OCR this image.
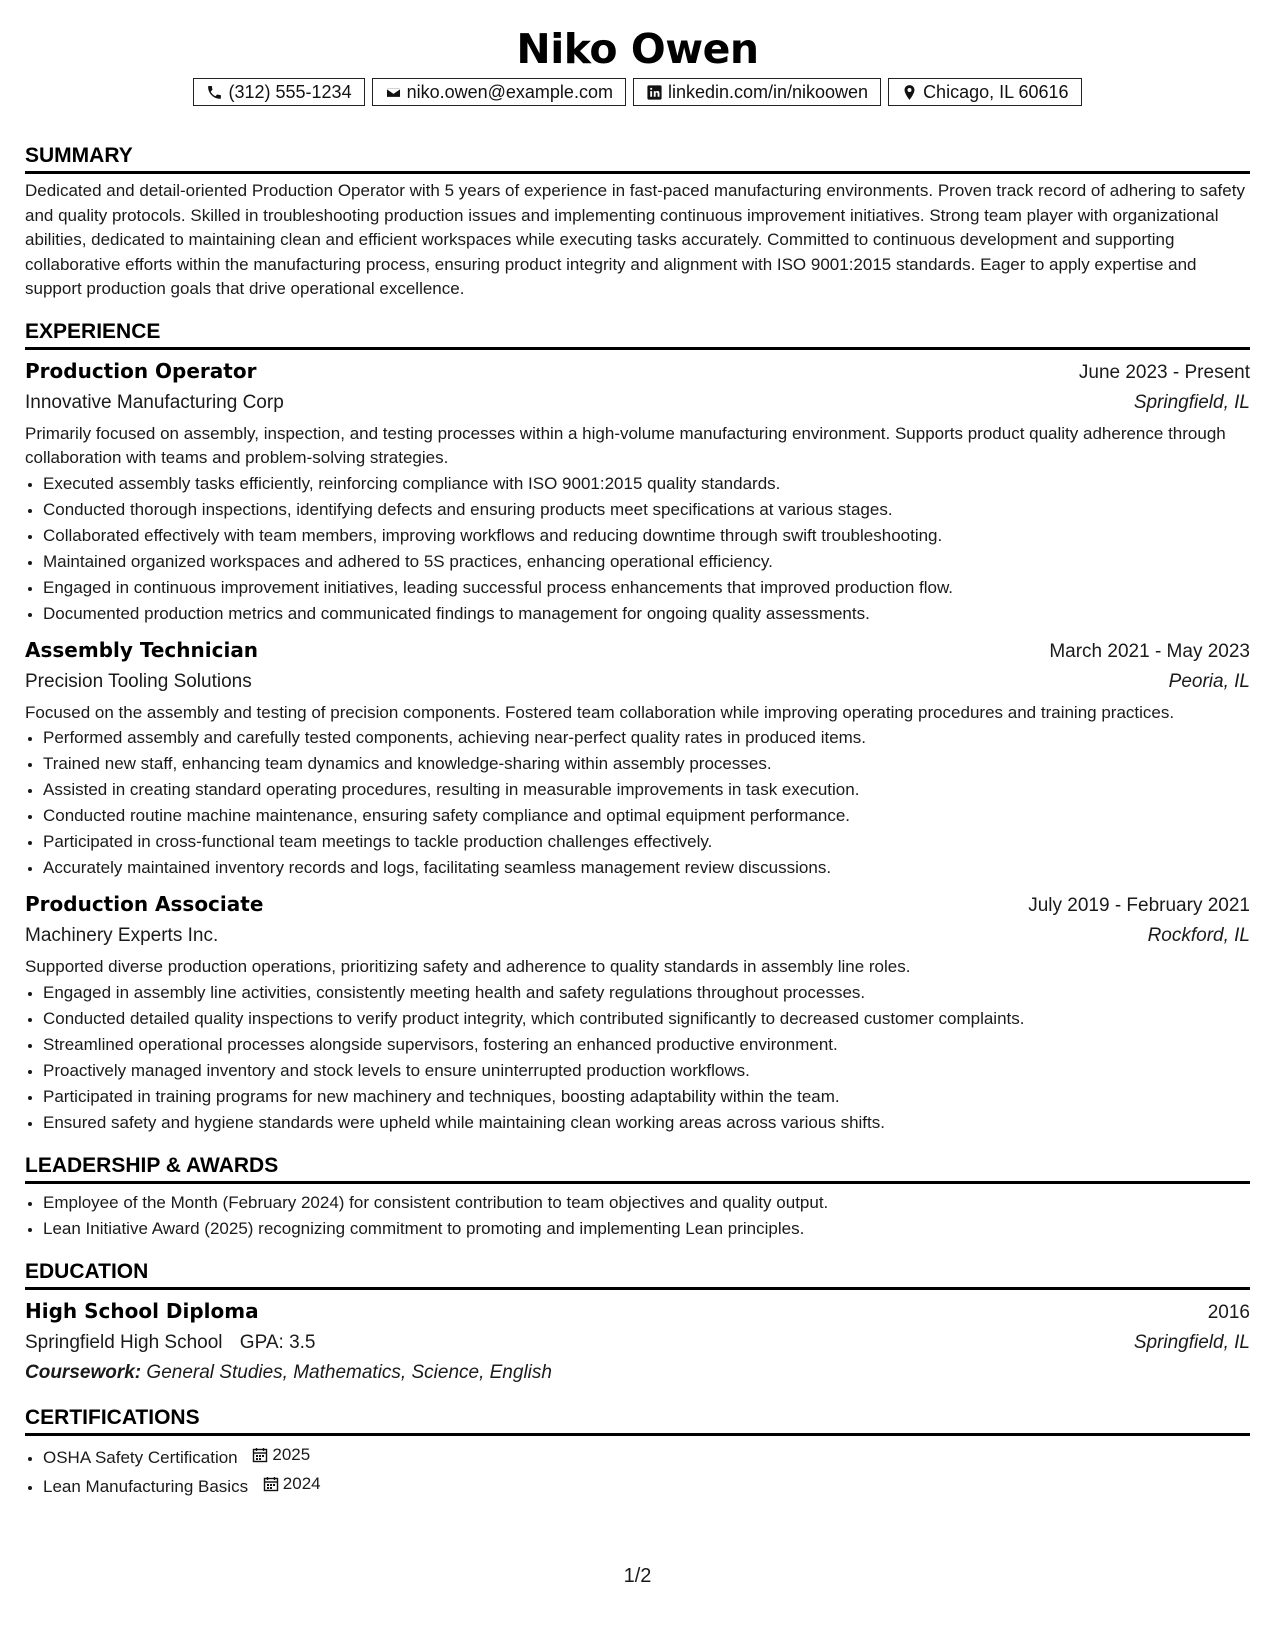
Niko Owen
(312) 555-1234	niko.owen@example.com	linkedin.com/in/nikoowen	Chicago, IL 60616
SUMMARY
Dedicated and detail-oriented Production Operator with 5 years of experience in fast-paced manufacturing environments. Proven track record of adhering to safety and quality protocols. Skilled in troubleshooting production issues and implementing continuous improvement initiatives. Strong team player with organizational abilities, dedicated to maintaining clean and efficient workspaces while executing tasks accurately. Committed to continuous development and supporting collaborative efforts within the manufacturing process, ensuring product integrity and alignment with ISO 9001:2015 standards. Eager to apply expertise and support production goals that drive operational excellence.
EXPERIENCE
Production Operator	June 2023 - Present
Innovative Manufacturing Corp	Springfield, IL
Primarily focused on assembly, inspection, and testing processes within a high-volume manufacturing environment. Supports product quality adherence through collaboration with teams and problem-solving strategies.
• Executed assembly tasks efficiently, reinforcing compliance with ISO 9001:2015 quality standards.
• Conducted thorough inspections, identifying defects and ensuring products meet specifications at various stages.
• Collaborated effectively with team members, improving workflows and reducing downtime through swift troubleshooting.
• Maintained organized workspaces and adhered to 5S practices, enhancing operational efficiency.
• Engaged in continuous improvement initiatives, leading successful process enhancements that improved production flow.
• Documented production metrics and communicated findings to management for ongoing quality assessments.
Assembly Technician	March 2021 - May 2023
Precision Tooling Solutions	Peoria, IL
Focused on the assembly and testing of precision components. Fostered team collaboration while improving operating procedures and training practices.
• Performed assembly and carefully tested components, achieving near-perfect quality rates in produced items.
• Trained new staff, enhancing team dynamics and knowledge-sharing within assembly processes.
• Assisted in creating standard operating procedures, resulting in measurable improvements in task execution.
• Conducted routine machine maintenance, ensuring safety compliance and optimal equipment performance.
• Participated in cross-functional team meetings to tackle production challenges effectively.
• Accurately maintained inventory records and logs, facilitating seamless management review discussions.
Production Associate	July 2019 - February 2021
Machinery Experts Inc.	Rockford, IL
Supported diverse production operations, prioritizing safety and adherence to quality standards in assembly line roles.
• Engaged in assembly line activities, consistently meeting health and safety regulations throughout processes.
• Conducted detailed quality inspections to verify product integrity, which contributed significantly to decreased customer complaints.
• Streamlined operational processes alongside supervisors, fostering an enhanced productive environment.
• Proactively managed inventory and stock levels to ensure uninterrupted production workflows.
• Participated in training programs for new machinery and techniques, boosting adaptability within the team.
• Ensured safety and hygiene standards were upheld while maintaining clean working areas across various shifts.
LEADERSHIP & AWARDS
• Employee of the Month (February 2024) for consistent contribution to team objectives and quality output.
• Lean Initiative Award (2025) recognizing commitment to promoting and implementing Lean principles.
EDUCATION
High School Diploma	2016
Springfield High School GPA: 3.5	Springfield, IL
Coursework: General Studies, Mathematics, Science, English
CERTIFICATIONS
• OSHA Safety Certification 2025
• Lean Manufacturing Basics 2024
1/2
